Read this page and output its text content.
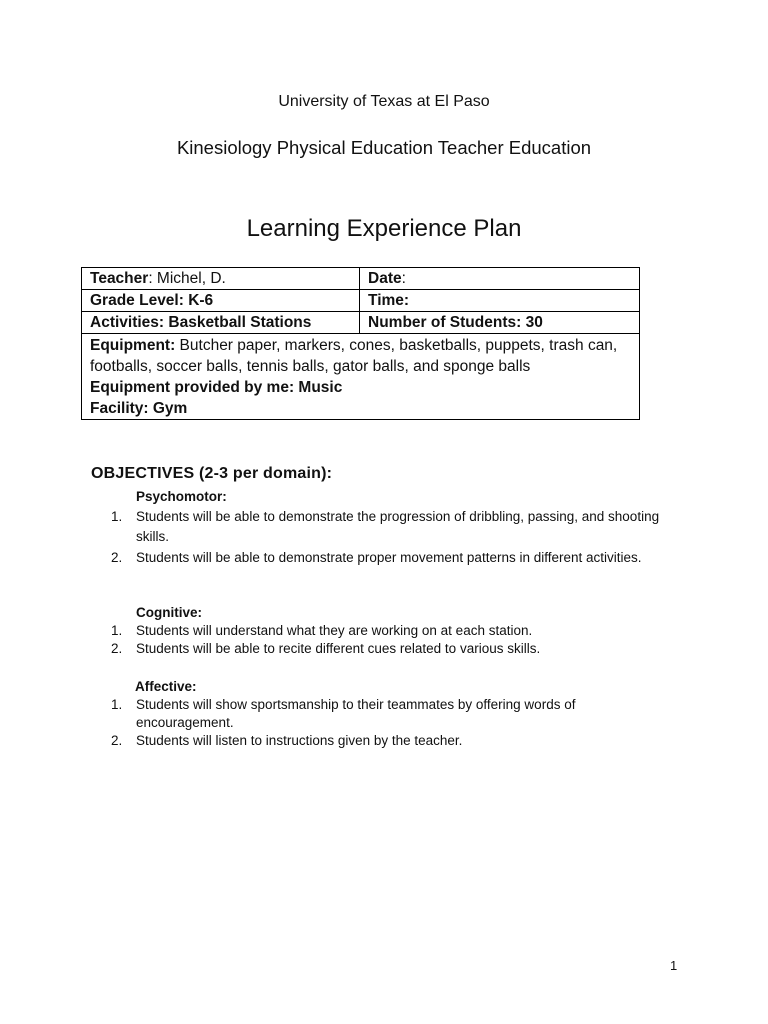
University of Texas at El Paso
Kinesiology Physical Education Teacher Education
Learning Experience Plan
Teacher: Michel, D.	Date:
Grade Level: K-6	Time:
Activities: Basketball Stations	Number of Students: 30

Equipment: Butcher paper, markers, cones, basketballs, puppets, trash can, footballs, soccer balls, tennis balls, gator balls, and sponge balls
Equipment provided by me: Music
Facility: Gym	
OBJECTIVES (2-3 per domain):
Psychomotor:
1. Students will be able to demonstrate the progression of dribbling, passing, and shooting skills.
2. Students will be able to demonstrate proper movement patterns in different activities.
Cognitive:
1. Students will understand what they are working on at each station.
2. Students will be able to recite different cues related to various skills.
Affective:
1. Students will show sportsmanship to their teammates by offering words of encouragement.
2. Students will listen to instructions given by the teacher.
1
